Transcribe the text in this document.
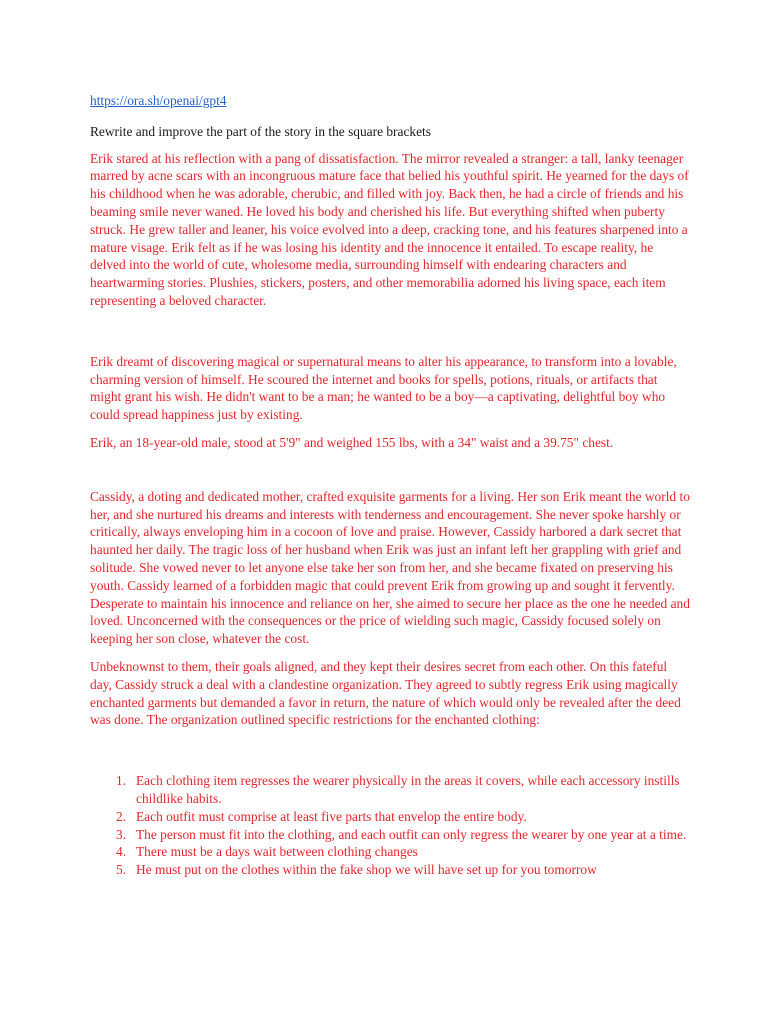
https://ora.sh/openai/gpt4

Rewrite and improve the part of the story in the square brackets

Erik stared at his reflection with a pang of dissatisfaction. The mirror revealed a stranger: a tall, lanky teenager marred by acne scars with an incongruous mature face that belied his youthful spirit. He yearned for the days of his childhood when he was adorable, cherubic, and filled with joy. Back then, he had a circle of friends and his beaming smile never waned. He loved his body and cherished his life. But everything shifted when puberty struck. He grew taller and leaner, his voice evolved into a deep, cracking tone, and his features sharpened into a mature visage. Erik felt as if he was losing his identity and the innocence it entailed. To escape reality, he delved into the world of cute, wholesome media, surrounding himself with endearing characters and heartwarming stories. Plushies, stickers, posters, and other memorabilia adorned his living space, each item representing a beloved character.

Erik dreamt of discovering magical or supernatural means to alter his appearance, to transform into a lovable, charming version of himself. He scoured the internet and books for spells, potions, rituals, or artifacts that might grant his wish. He didn't want to be a man; he wanted to be a boy—a captivating, delightful boy who could spread happiness just by existing.

Erik, an 18-year-old male, stood at 5'9" and weighed 155 lbs, with a 34" waist and a 39.75" chest.

Cassidy, a doting and dedicated mother, crafted exquisite garments for a living. Her son Erik meant the world to her, and she nurtured his dreams and interests with tenderness and encouragement. She never spoke harshly or critically, always enveloping him in a cocoon of love and praise. However, Cassidy harbored a dark secret that haunted her daily. The tragic loss of her husband when Erik was just an infant left her grappling with grief and solitude. She vowed never to let anyone else take her son from her, and she became fixated on preserving his youth. Cassidy learned of a forbidden magic that could prevent Erik from growing up and sought it fervently. Desperate to maintain his innocence and reliance on her, she aimed to secure her place as the one he needed and loved. Unconcerned with the consequences or the price of wielding such magic, Cassidy focused solely on keeping her son close, whatever the cost.

Unbeknownst to them, their goals aligned, and they kept their desires secret from each other. On this fateful day, Cassidy struck a deal with a clandestine organization. They agreed to subtly regress Erik using magically enchanted garments but demanded a favor in return, the nature of which would only be revealed after the deed was done. The organization outlined specific restrictions for the enchanted clothing:

1. Each clothing item regresses the wearer physically in the areas it covers, while each accessory instills childlike habits.
2. Each outfit must comprise at least five parts that envelop the entire body.
3. The person must fit into the clothing, and each outfit can only regress the wearer by one year at a time.
4. There must be a days wait between clothing changes
5. He must put on the clothes within the fake shop we will have set up for you tomorrow
